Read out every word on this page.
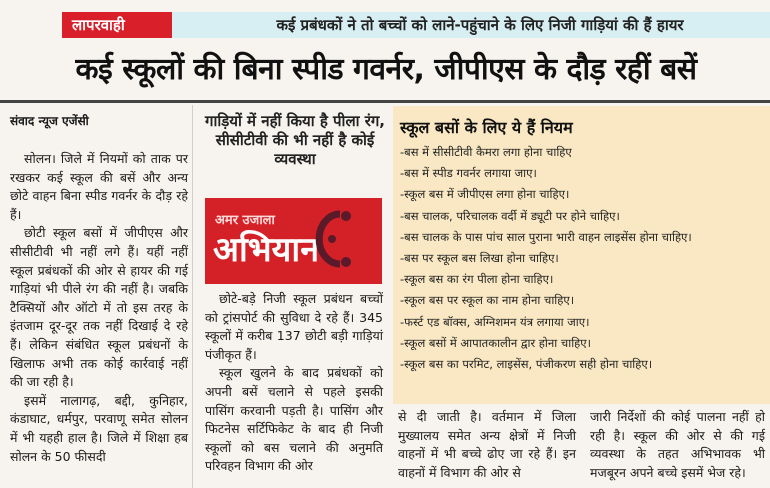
लापरवाही	कई प्रबंधकों ने तो बच्चों को लाने-पहुंचाने के लिए निजी गाड़ियां की हैं हायर
कई स्कूलों की बिना स्पीड गवर्नर, जीपीएस के दौड़ रहीं बसें
संवाद न्यूज एजेंसी

सोलन। जिले में नियमों को ताक पर रखकर कई स्कूल की बसें और अन्य छोटे वाहन बिना स्पीड गवर्नर के दौड़ रहे हैं।

छोटी स्कूल बसों में जीपीएस और सीसीटीवी भी नहीं लगे हैं। यहीं नहीं स्कूल प्रबंधकों की ओर से हायर की गई गाड़ियां भी पीले रंग की नहीं है। जबकि टैक्सियों और ऑटो में तो इस तरह के इंतजाम दूर-दूर तक नहीं दिखाई दे रहे हैं। लेकिन संबंधित स्कूल प्रबंधनों के खिलाफ अभी तक कोई कार्रवाई नहीं की जा रही है।

इसमें नालागढ़, बद्दी, कुनिहार, कंडाघाट, धर्मपुर, परवाणू समेत सोलन में भी यहही हाल है। जिले में शिक्षा हब सोलन के 50 फीसदी

गाड़ियों में नहीं किया है पीला रंग, सीसीटीवी की भी नहीं है कोई व्यवस्था
अमर उजाला
अभियान

छोटे-बड़े निजी स्कूल प्रबंधन बच्चों को ट्रांसपोर्ट की सुविधा दे रहे हैं। 345 स्कूलों में करीब 137 छोटी बड़ी गाड़ियां पंजीकृत हैं।

स्कूल खुलने के बाद प्रबंधकों को अपनी बसें चलाने से पहले इसकी पासिंग करवानी पड़ती है। पासिंग और फिटनेस सर्टिफिकेट के बाद ही निजी स्कूलों को बस चलाने की अनुमति परिवहन विभाग की ओर

स्कूल बसों के लिए ये हैं नियम
-बस में सीसीटीवी कैमरा लगा होना चाहिए
-बस में स्पीड गवर्नर लगाया जाए।
-स्कूल बस में जीपीएस लगा होना चाहिए।
-बस चालक, परिचालक वर्दी में ड्यूटी पर होने चाहिए।
-बस चालक के पास पांच साल पुराना भारी वाहन लाइसेंस होना चाहिए।
-बस पर स्कूल बस लिखा होना चाहिए।
-स्कूल बस का रंग पीला होना चाहिए।
-स्कूल बस पर स्कूल का नाम होना चाहिए।
-फर्स्ट एड बॉक्स, अग्निशमन यंत्र लगाया जाए।
-स्कूल बसों में आपातकालीन द्वार होना चाहिए।
-स्कूल बस का परमिट, लाइसेंस, पंजीकरण सही होना चाहिए।

से दी जाती है। वर्तमान में जिला मुख्यालय समेत अन्य क्षेत्रों में निजी वाहनों में भी बच्चे ढोए जा रहे हैं। इन वाहनों में विभाग की ओर से

जारी निर्देशों की कोई पालना नहीं हो रही है। स्कूल की ओर से की गई व्यवस्था के तहत अभिभावक भी मजबूरन अपने बच्चे इसमें भेज रहे।
